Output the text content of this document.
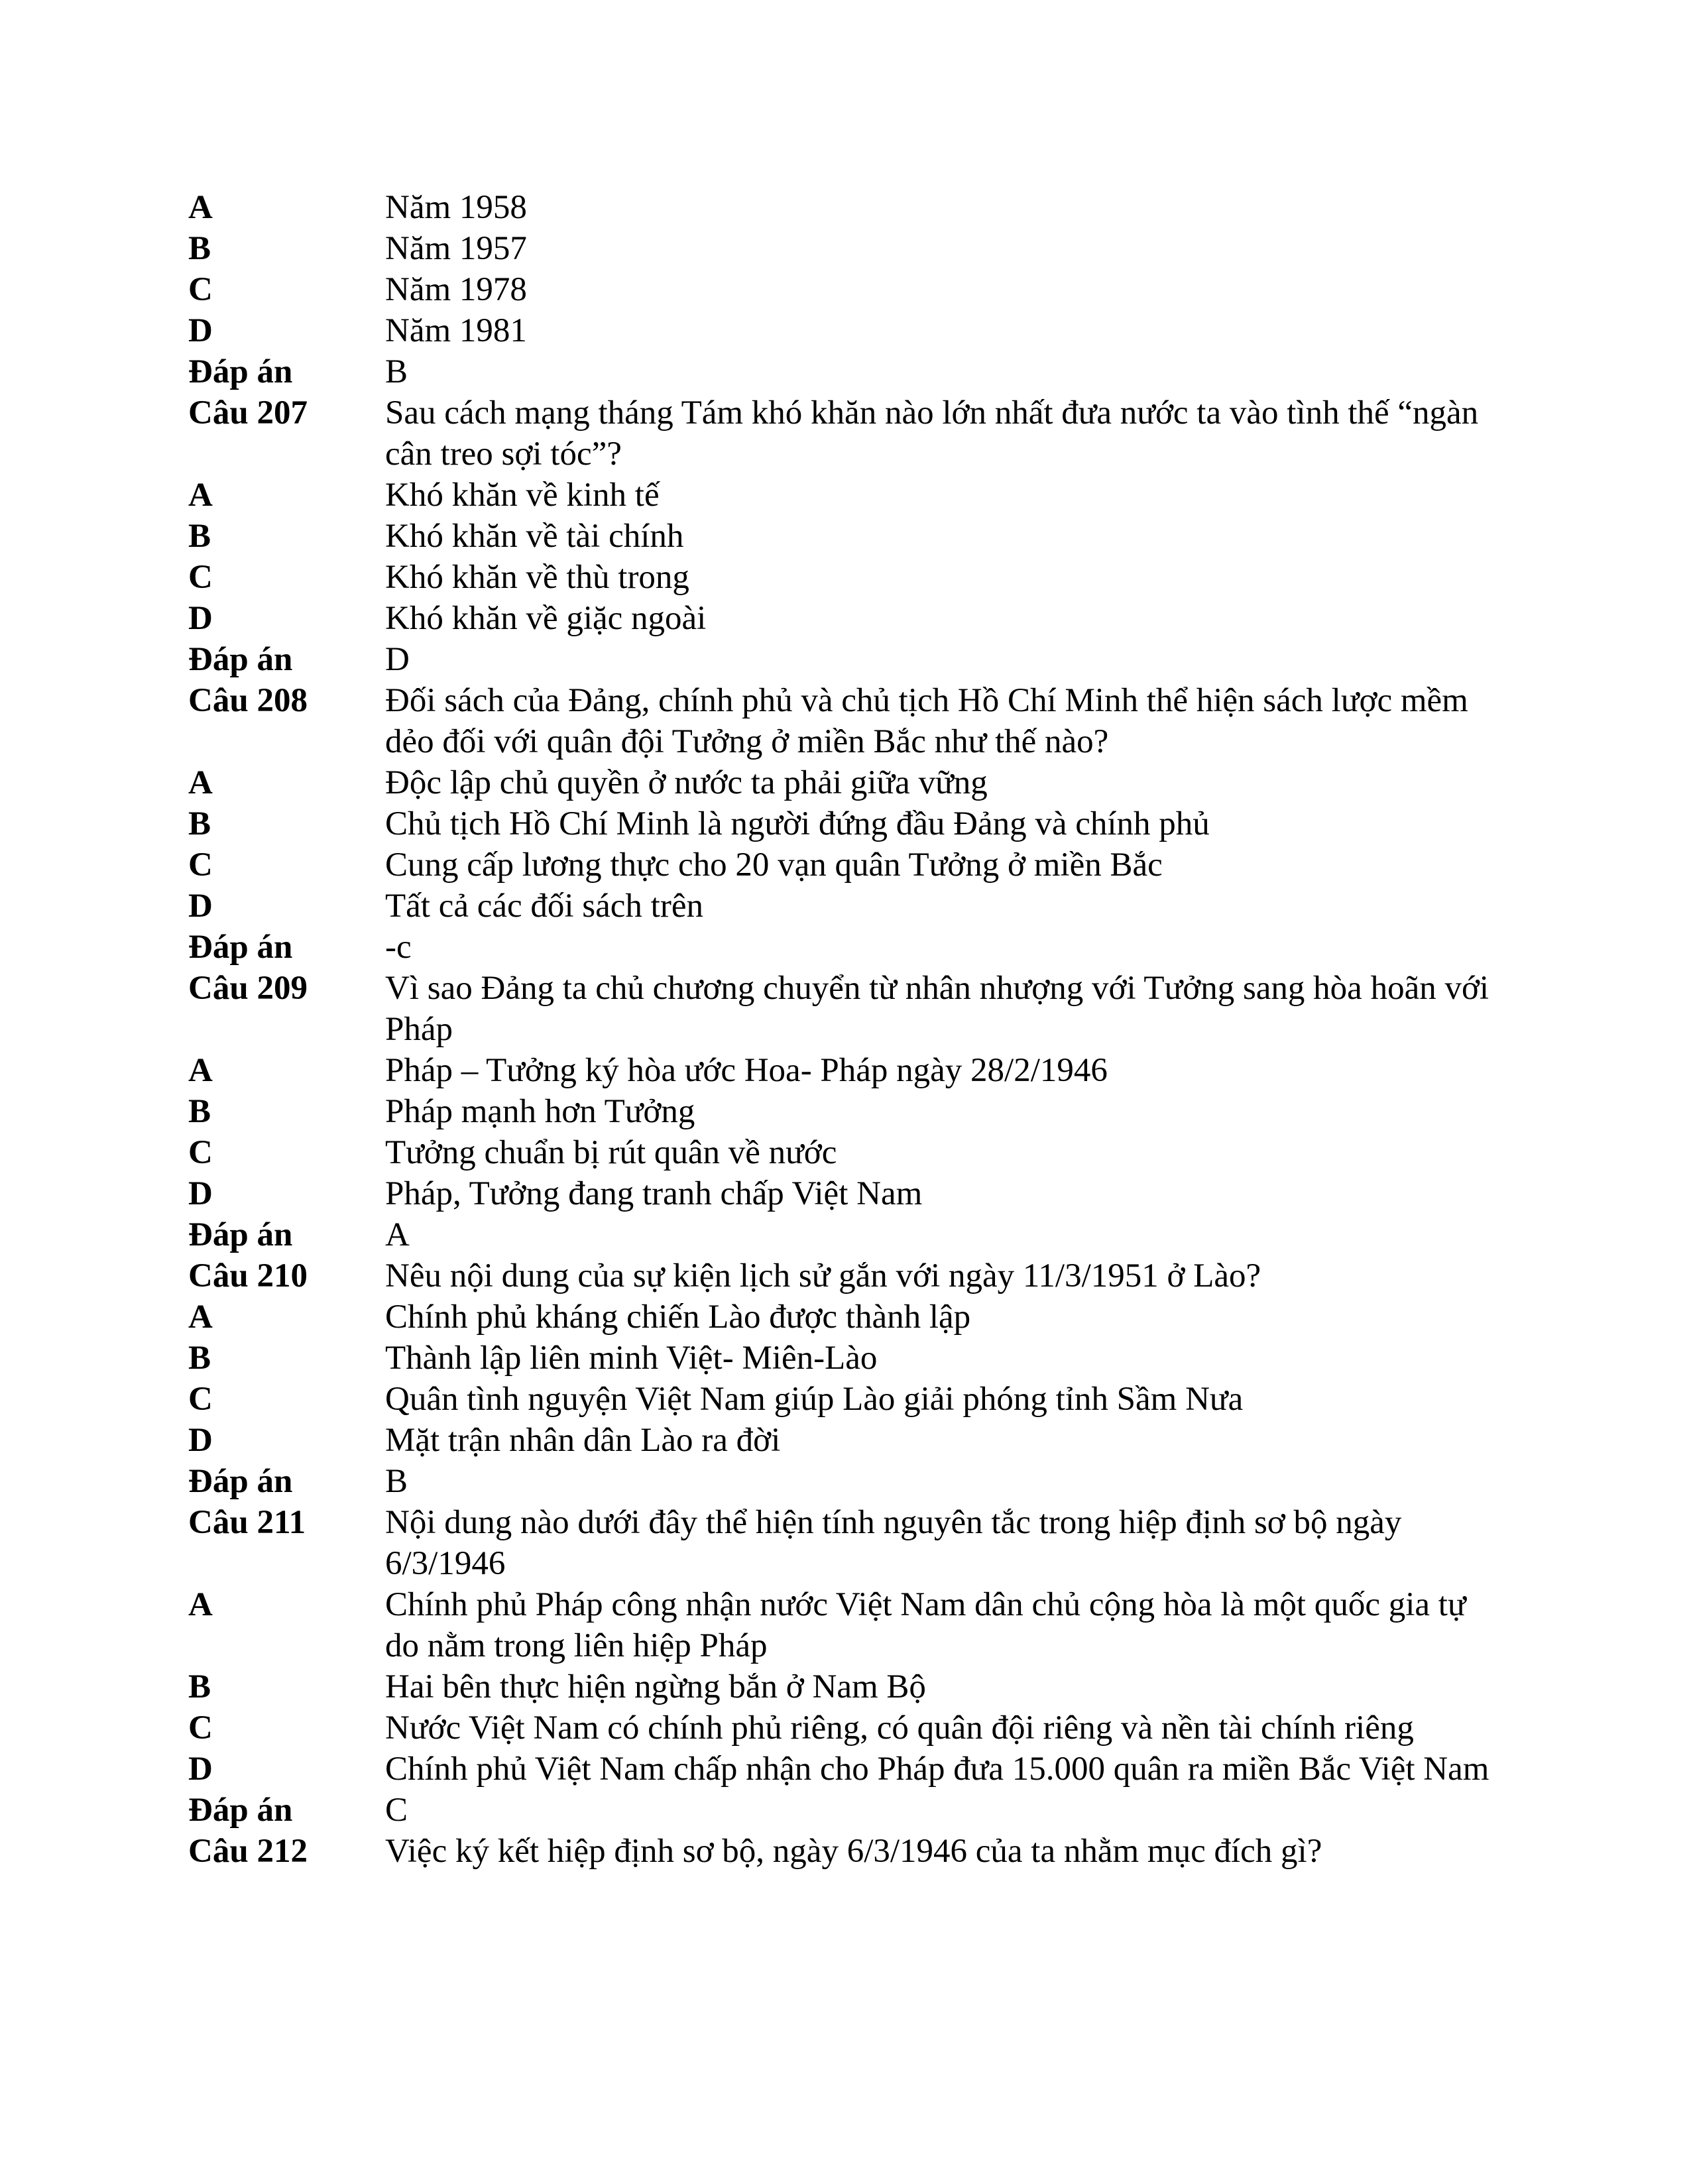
A	Năm 1958
B	Năm 1957
C	Năm 1978
D	Năm 1981
Đáp án	B
Câu 207	Sau cách mạng tháng Tám khó khăn nào lớn nhất đưa nước ta vào tình thế “ngàn cân treo sợi tóc”?
A	Khó khăn về kinh tế
B	Khó khăn về tài chính
C	Khó khăn về thù trong
D	Khó khăn về giặc ngoài
Đáp án	D
Câu 208	Đối sách của Đảng, chính phủ và chủ tịch Hồ Chí Minh thể hiện sách lược mềm dẻo đối với quân đội Tưởng ở miền Bắc như thế nào?
A	Độc lập chủ quyền ở nước ta phải giữa vững
B	Chủ tịch Hồ Chí Minh là người đứng đầu Đảng và chính phủ
C	Cung cấp lương thực cho 20 vạn quân Tưởng ở miền Bắc
D	Tất cả các đối sách trên
Đáp án	-c
Câu 209	Vì sao Đảng ta chủ chương chuyển từ nhân nhượng với Tưởng sang hòa hoãn với Pháp
A	Pháp – Tưởng ký hòa ước Hoa- Pháp ngày 28/2/1946
B	Pháp mạnh hơn Tưởng
C	Tưởng chuẩn bị rút quân về nước
D	Pháp, Tưởng đang tranh chấp Việt Nam
Đáp án	A
Câu 210	Nêu nội dung của sự kiện lịch sử gắn với ngày 11/3/1951 ở Lào?
A	Chính phủ kháng chiến Lào được thành lập
B	Thành lập liên minh Việt- Miên-Lào
C	Quân tình nguyện Việt Nam giúp Lào giải phóng tỉnh Sầm Nưa
D	Mặt trận nhân dân Lào ra đời
Đáp án	B
Câu 211	Nội dung nào dưới đây thể hiện tính nguyên tắc trong hiệp định sơ bộ ngày 6/3/1946
A	Chính phủ Pháp công nhận nước Việt Nam dân chủ cộng hòa là một quốc gia tự do nằm trong liên hiệp Pháp
B	Hai bên thực hiện ngừng bắn ở Nam Bộ
C	Nước Việt Nam có chính phủ riêng, có quân đội riêng và nền tài chính riêng
D	Chính phủ Việt Nam chấp nhận cho Pháp đưa 15.000 quân ra miền Bắc Việt Nam
Đáp án	C
Câu 212	Việc ký kết hiệp định sơ bộ, ngày 6/3/1946 của ta nhằm mục đích gì?
